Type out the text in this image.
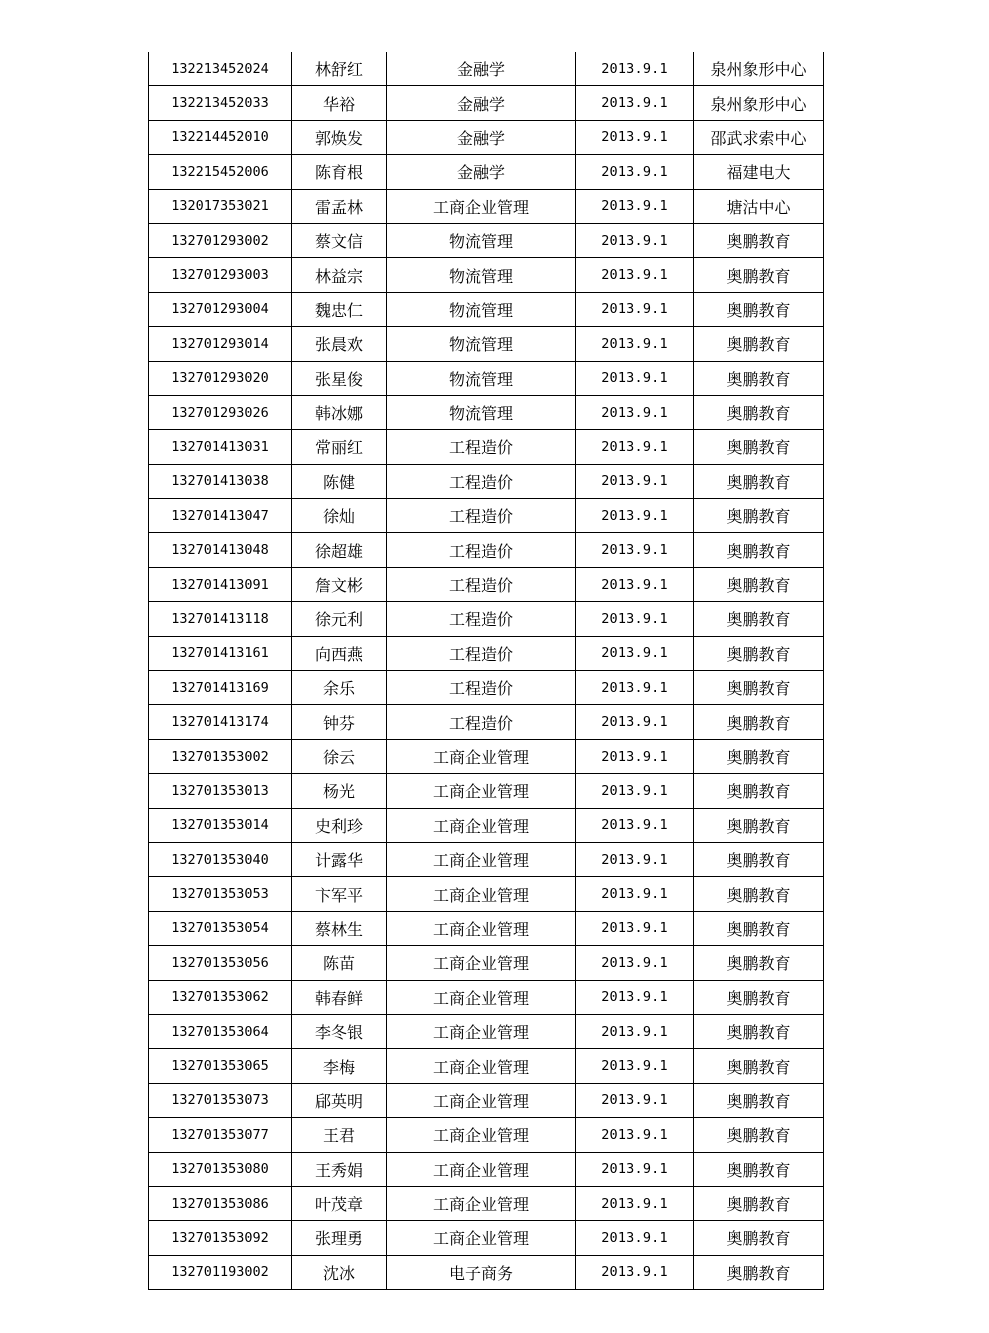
132213452024	林舒红	金融学	2013.9.1	泉州象形中心
132213452033	华裕	金融学	2013.9.1	泉州象形中心
132214452010	郭焕发	金融学	2013.9.1	邵武求索中心
132215452006	陈育根	金融学	2013.9.1	福建电大
132017353021	雷孟林	工商企业管理	2013.9.1	塘沽中心
132701293002	蔡文信	物流管理	2013.9.1	奥鹏教育
132701293003	林益宗	物流管理	2013.9.1	奥鹏教育
132701293004	魏忠仁	物流管理	2013.9.1	奥鹏教育
132701293014	张晨欢	物流管理	2013.9.1	奥鹏教育
132701293020	张星俊	物流管理	2013.9.1	奥鹏教育
132701293026	韩冰娜	物流管理	2013.9.1	奥鹏教育
132701413031	常丽红	工程造价	2013.9.1	奥鹏教育
132701413038	陈健	工程造价	2013.9.1	奥鹏教育
132701413047	徐灿	工程造价	2013.9.1	奥鹏教育
132701413048	徐超雄	工程造价	2013.9.1	奥鹏教育
132701413091	詹文彬	工程造价	2013.9.1	奥鹏教育
132701413118	徐元利	工程造价	2013.9.1	奥鹏教育
132701413161	向西燕	工程造价	2013.9.1	奥鹏教育
132701413169	余乐	工程造价	2013.9.1	奥鹏教育
132701413174	钟芬	工程造价	2013.9.1	奥鹏教育
132701353002	徐云	工商企业管理	2013.9.1	奥鹏教育
132701353013	杨光	工商企业管理	2013.9.1	奥鹏教育
132701353014	史利珍	工商企业管理	2013.9.1	奥鹏教育
132701353040	计露华	工商企业管理	2013.9.1	奥鹏教育
132701353053	卞军平	工商企业管理	2013.9.1	奥鹏教育
132701353054	蔡林生	工商企业管理	2013.9.1	奥鹏教育
132701353056	陈苗	工商企业管理	2013.9.1	奥鹏教育
132701353062	韩春鲜	工商企业管理	2013.9.1	奥鹏教育
132701353064	李冬银	工商企业管理	2013.9.1	奥鹏教育
132701353065	李梅	工商企业管理	2013.9.1	奥鹏教育
132701353073	郈英明	工商企业管理	2013.9.1	奥鹏教育
132701353077	王君	工商企业管理	2013.9.1	奥鹏教育
132701353080	王秀娟	工商企业管理	2013.9.1	奥鹏教育
132701353086	叶茂章	工商企业管理	2013.9.1	奥鹏教育
132701353092	张理勇	工商企业管理	2013.9.1	奥鹏教育
132701193002	沈冰	电子商务	2013.9.1	奥鹏教育
